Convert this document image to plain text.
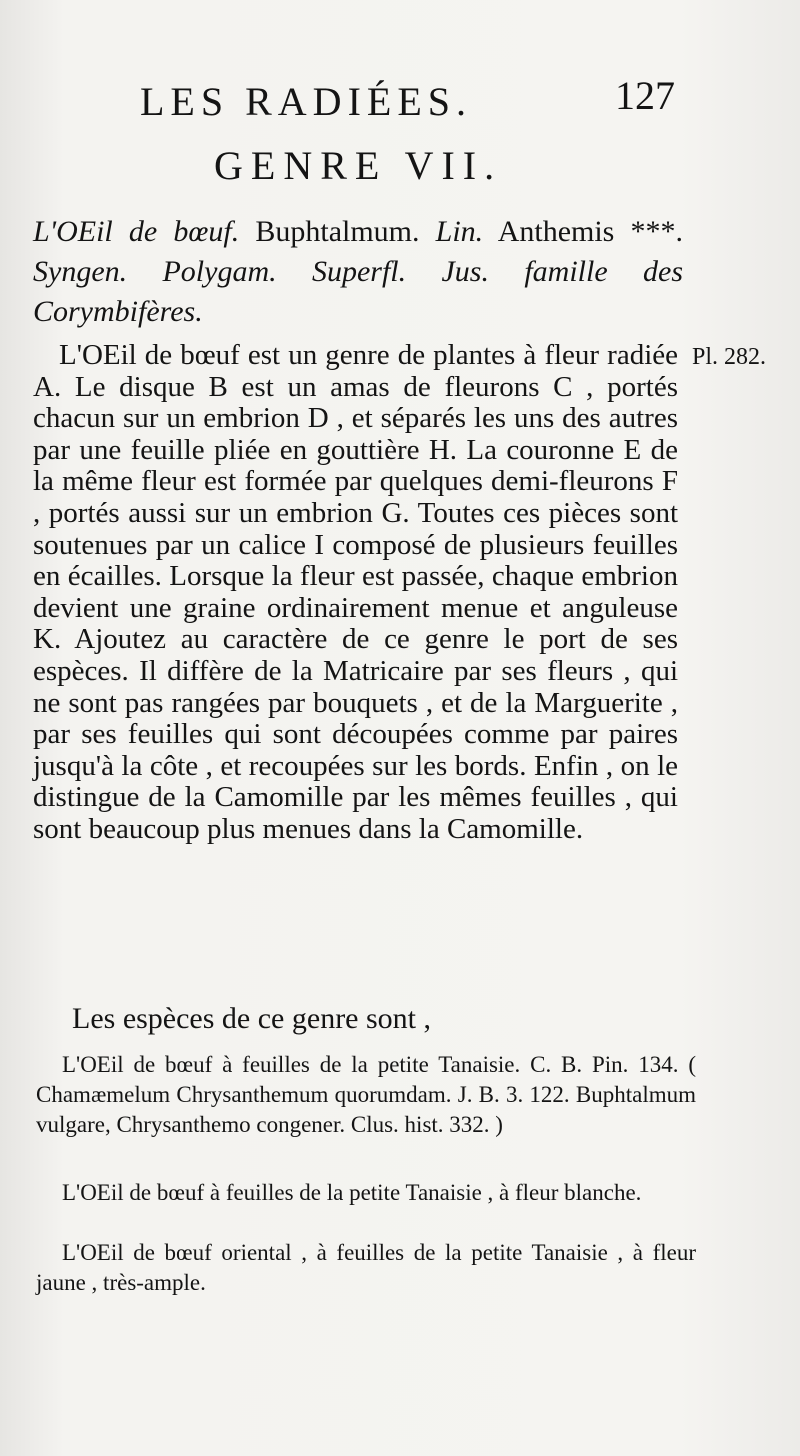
LES RADIÉES.	127
GENRE VII.
L'OEil de bœuf. Buphtalmum. Lin. Anthemis ***. Syngen. Polygam. Superfl. Jus. famille des Corymbifères.
Pl. 282.

L'OEil de bœuf est un genre de plantes à fleur radiée A. Le disque B est un amas de fleurons C , portés chacun sur un embrion D , et séparés les uns des autres par une feuille pliée en gouttière H. La couronne E de la même fleur est formée par quelques demi-fleurons F , portés aussi sur un embrion G. Toutes ces pièces sont soutenues par un calice I composé de plusieurs feuilles en écailles. Lorsque la fleur est passée, chaque embrion devient une graine ordinairement menue et anguleuse K. Ajoutez au caractère de ce genre le port de ses espèces. Il diffère de la Matricaire par ses fleurs , qui ne sont pas rangées par bouquets , et de la Marguerite , par ses feuilles qui sont découpées comme par paires jusqu'à la côte , et recoupées sur les bords. Enfin , on le distingue de la Camomille par les mêmes feuilles , qui sont beaucoup plus menues dans la Camomille.

Les espèces de ce genre sont ,

L'OEil de bœuf à feuilles de la petite Tanaisie. C. B. Pin. 134. ( Chamæmelum Chrysanthemum quorumdam. J. B. 3. 122. Buphtalmum vulgare, Chrysanthemo congener. Clus. hist. 332. )

L'OEil de bœuf à feuilles de la petite Tanaisie , à fleur blanche.

L'OEil de bœuf oriental , à feuilles de la petite Tanaisie , à fleur jaune , très-ample.
